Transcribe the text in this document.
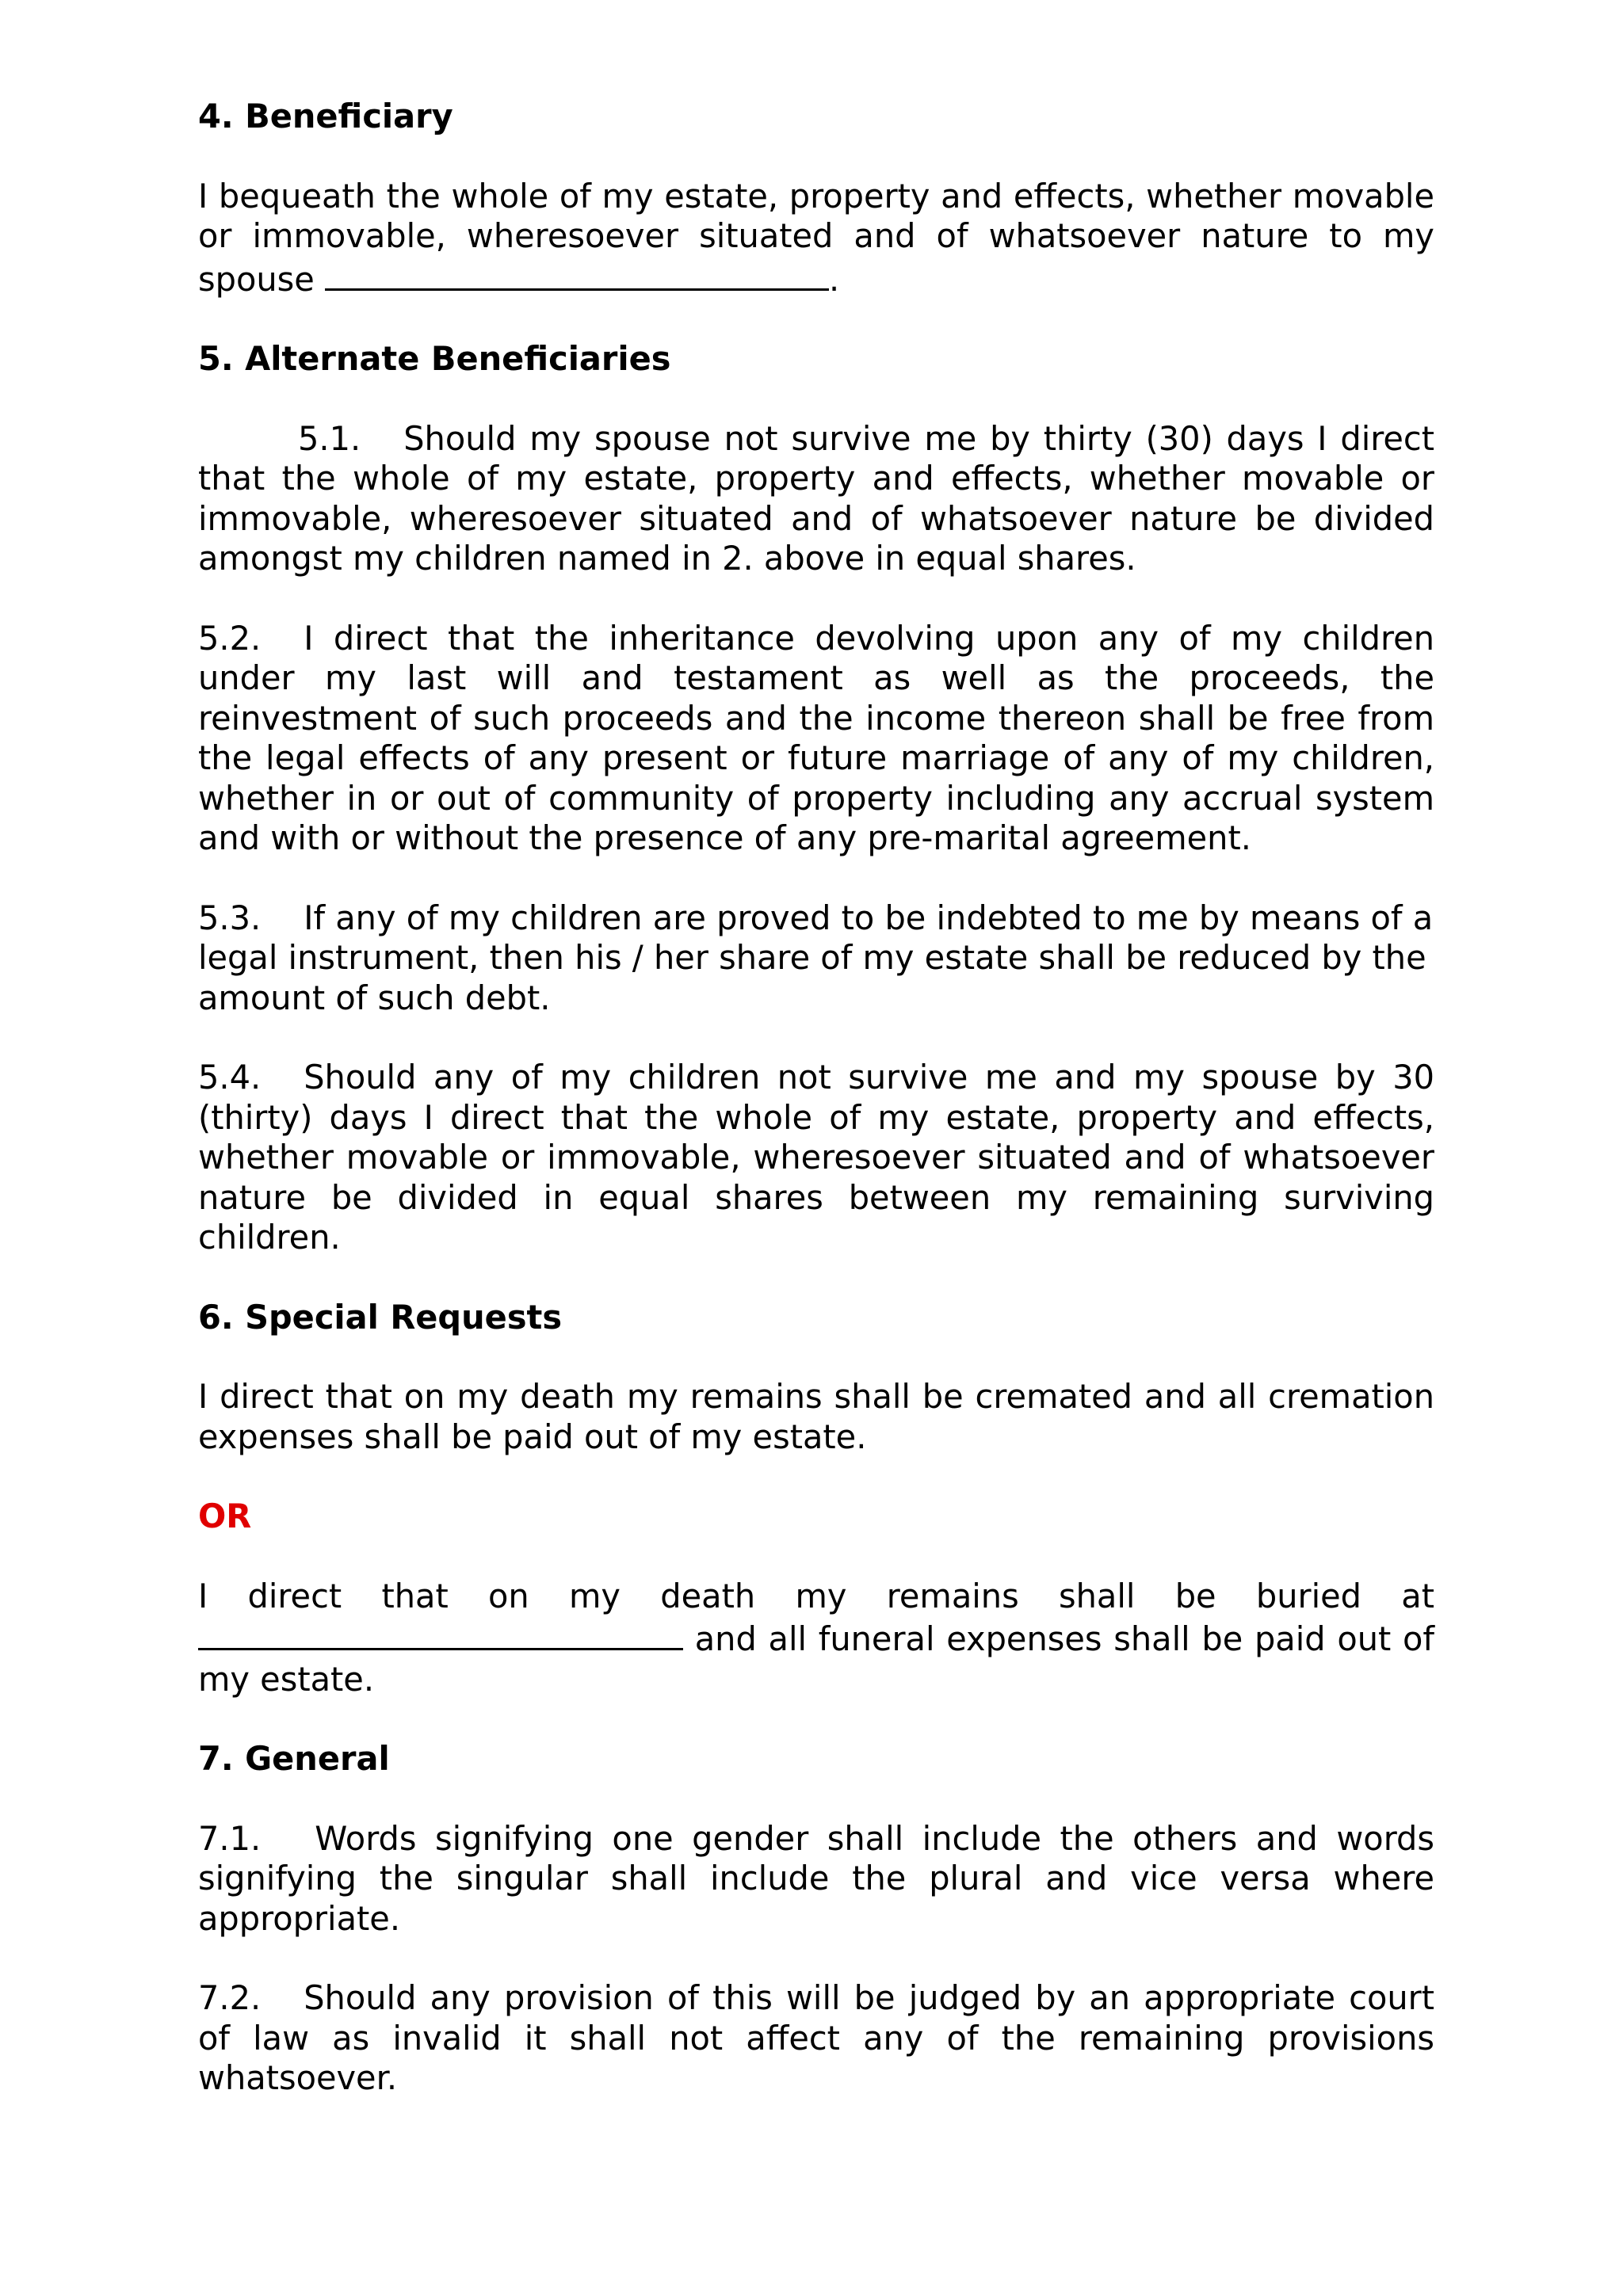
4. Beneficiary

I bequeath the whole of my estate, property and effects, whether movable or immovable, wheresoever situated and of whatsoever nature to my spouse	.

5. Alternate Beneficiaries

5.1. Should my spouse not survive me by thirty (30) days I direct that the whole of my estate, property and effects, whether movable or immovable, wheresoever situated and of whatsoever nature be divided amongst my children named in 2. above in equal shares.

5.2. I direct that the inheritance devolving upon any of my children under my last will and testament as well as the proceeds, the reinvestment of such proceeds and the income thereon shall be free from the legal effects of any present or future marriage of any of my children, whether in or out of community of property including any accrual system and with or without the presence of any pre-marital agreement.

5.3. If any of my children are proved to be indebted to me by means of a legal instrument, then his / her share of my estate shall be reduced by the amount of such debt.

5.4. Should any of my children not survive me and my spouse by 30 (thirty) days I direct that the whole of my estate, property and effects, whether movable or immovable, wheresoever situated and of whatsoever nature be divided in equal shares between my remaining surviving children.

6. Special Requests

I direct that on my death my remains shall be cremated and all cremation expenses shall be paid out of my estate.

OR

I direct that on my death my remains shall be buried at
and all funeral expenses shall be paid out of my estate.

7. General

7.1. Words signifying one gender shall include the others and words signifying the singular shall include the plural and vice versa where appropriate.

7.2. Should any provision of this will be judged by an appropriate court of law as invalid it shall not affect any of the remaining provisions whatsoever.
